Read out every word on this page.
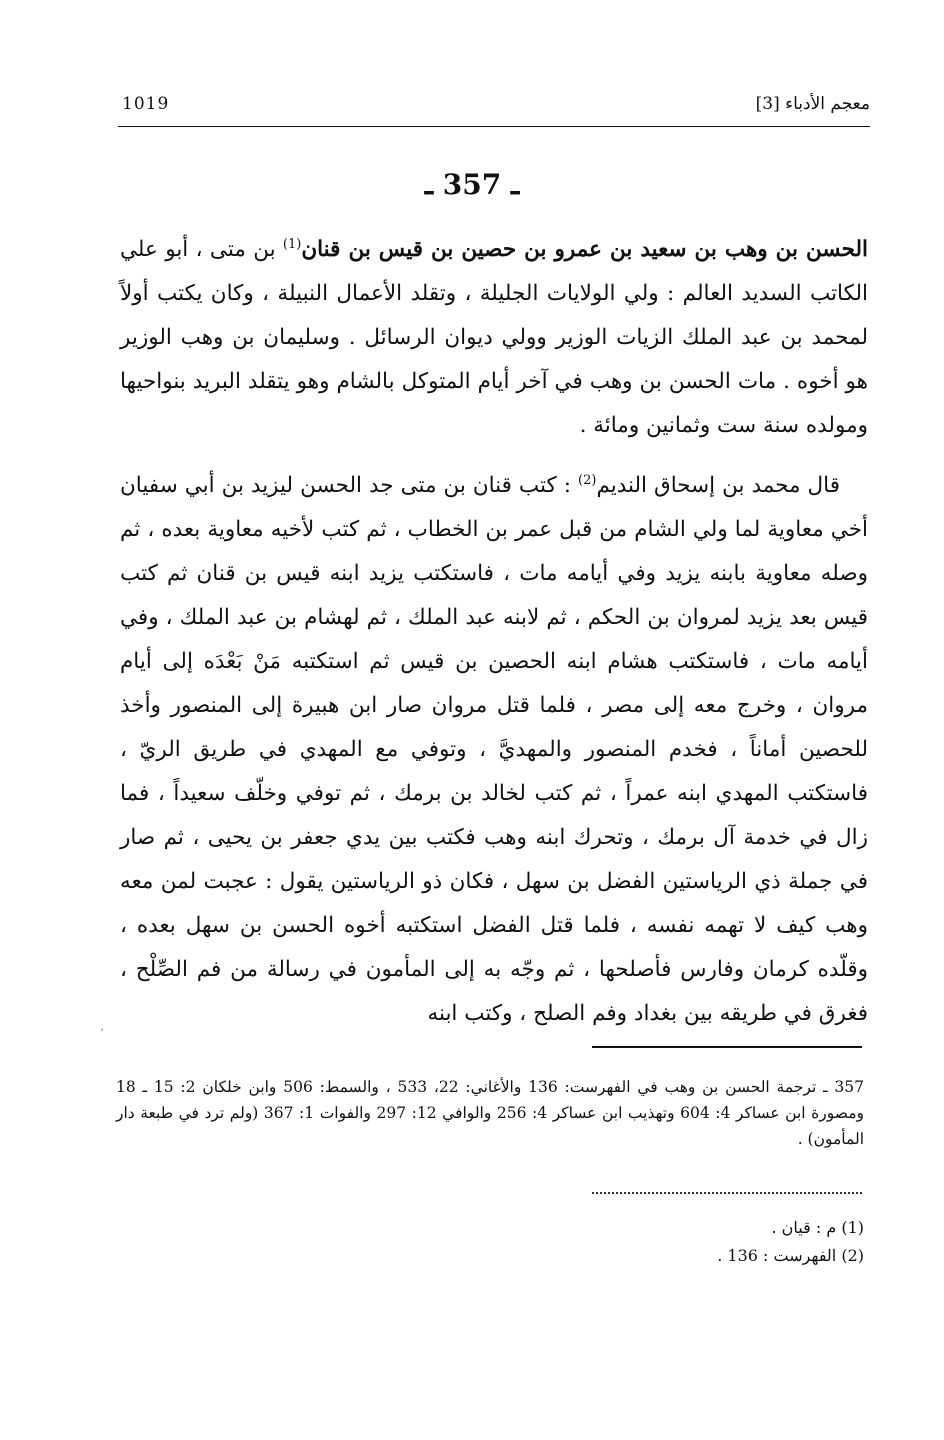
معجم الأدباء [3]
1019
ـ 357 ـ

الحسن بن وهب بن سعيد بن عمرو بن حصين بن قيس بن قنان$^{(1)}$ بن متى ، أبو علي الكاتب السديد العالم : ولي الولايات الجليلة ، وتقلد الأعمال النبيلة ، وكان يكتب أولاً لمحمد بن عبد الملك الزيات الوزير وولي ديوان الرسائل . وسليمان بن وهب الوزير هو أخوه . مات الحسن بن وهب في آخر أيام المتوكل بالشام وهو يتقلد البريد بنواحيها ومولده سنة ست وثمانين ومائة .

قال محمد بن إسحاق النديم$^{(2)}$ : كتب قنان بن متى جد الحسن ليزيد بن أبي سفيان أخي معاوية لما ولي الشام من قبل عمر بن الخطاب ، ثم كتب لأخيه معاوية بعده ، ثم وصله معاوية بابنه يزيد وفي أيامه مات ، فاستكتب يزيد ابنه قيس بن قنان ثم كتب قيس بعد يزيد لمروان بن الحكم ، ثم لابنه عبد الملك ، ثم لهشام بن عبد الملك ، وفي أيامه مات ، فاستكتب هشام ابنه الحصين بن قيس ثم استكتبه مَنْ بَعْدَه إلى أيام مروان ، وخرج معه إلى مصر ، فلما قتل مروان صار ابن هبيرة إلى المنصور وأخذ للحصين أماناً ، فخدم المنصور والمهديَّ ، وتوفي مع المهدي في طريق الريّ ، فاستكتب المهدي ابنه عمراً ، ثم كتب لخالد بن برمك ، ثم توفي وخلّف سعيداً ، فما زال في خدمة آل برمك ، وتحرك ابنه وهب فكتب بين يدي جعفر بن يحيى ، ثم صار في جملة ذي الرياستين الفضل بن سهل ، فكان ذو الرياستين يقول : عجبت لمن معه وهب كيف لا تهمه نفسه ، فلما قتل الفضل استكتبه أخوه الحسن بن سهل بعده ، وقلّده كرمان وفارس فأصلحها ، ثم وجّه به إلى المأمون في رسالة من فم الصِّلْح ، فغرق في طريقه بين بغداد وفم الصلح ، وكتب ابنه

،
357 ـ ترجمة الحسن بن وهب في الفهرست: 136 والأغاني: 22، 533 ، والسمط: 506 وابن خلكان 2: 15 ـ 18 ومصورة ابن عساكر 4: 604 وتهذيب ابن عساكر 4: 256 والوافي 12: 297 والفوات 1: 367 (ولم ترد في طبعة دار المأمون) .
(1) م : قيان .
(2) الفهرست : 136 .
